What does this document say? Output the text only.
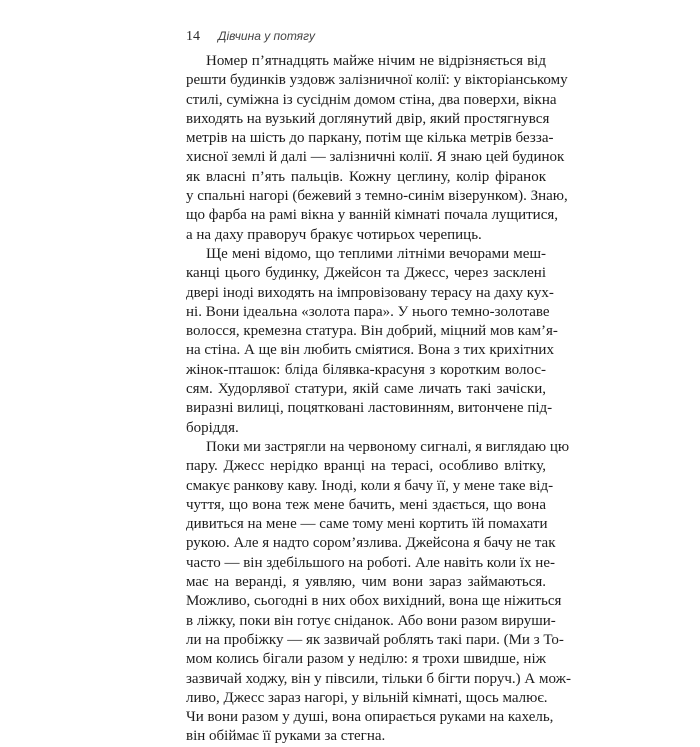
14 Дівчина у потягу
Номер п’ятнадцять майже нічим не відрізняється від
решти будинків уздовж залізничної колії: у вікторіанському
стилі, суміжна із сусіднім домом стіна, два поверхи, вікна
виходять на вузький доглянутий двір, який простягнувся
метрів на шість до паркану, потім ще кілька метрів безза-
хисної землі й далі — залізничні колії. Я знаю цей будинок
як власні п’ять пальців. Кожну цеглину, колір фіранок
у спальні нагорі (бежевий з темно-синім візерунком). Знаю,
що фарба на рамі вікна у ванній кімнаті почала лущитися,
а на даху праворуч бракує чотирьох черепиць.
Ще мені відомо, що теплими літніми вечорами меш-
канці цього будинку, Джейсон та Джесс, через засклені
двері іноді виходять на імпровізовану терасу на даху кух-
ні. Вони ідеальна «золота пара». У нього темно-золотаве
волосся, кремезна статура. Він добрий, міцний мов кам’я-
на стіна. А ще він любить сміятися. Вона з тих крихітних
жінок-пташок: бліда білявка-красуня з коротким волос-
сям. Худорлявої статури, якій саме личать такі зачіски,
виразні вилиці, поцятковані ластовинням, витончене під-
боріддя.
Поки ми застрягли на червоному сигналі, я виглядаю цю
пару. Джесс нерідко вранці на терасі, особливо влітку,
смакує ранкову каву. Іноді, коли я бачу її, у мене таке від-
чуття, що вона теж мене бачить, мені здається, що вона
дивиться на мене — саме тому мені кортить їй помахати
рукою. Але я надто сором’язлива. Джейсона я бачу не так
часто — він здебільшого на роботі. Але навіть коли їх не-
має на веранді, я уявляю, чим вони зараз займаються.
Можливо, сьогодні в них обох вихідний, вона ще ніжиться
в ліжку, поки він готує сніданок. Або вони разом вируши-
ли на пробіжку — як зазвичай роблять такі пари. (Ми з То-
мом колись бігали разом у неділю: я трохи швидше, ніж
зазвичай ходжу, він у півсили, тільки б бігти поруч.) А мож-
ливо, Джесс зараз нагорі, у вільній кімнаті, щось малює.
Чи вони разом у душі, вона опирається руками на кахель,
він обіймає її руками за стегна.
